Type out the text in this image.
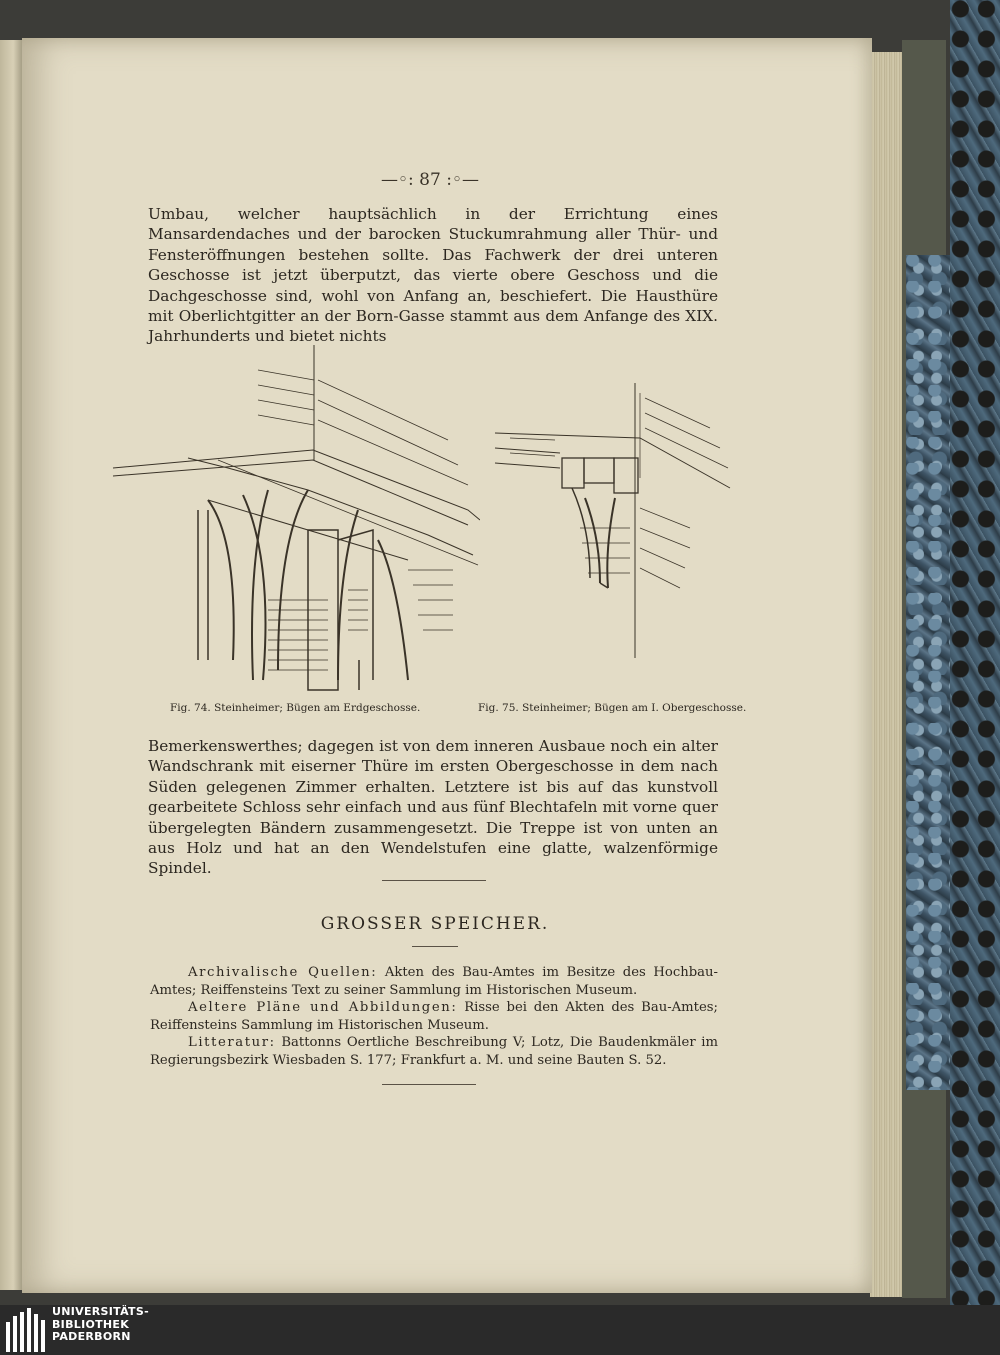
—◦: 87 :◦—

Umbau, welcher hauptsächlich in der Errichtung eines Mansardendaches und der barocken Stuckumrahmung aller Thür- und Fensteröffnungen bestehen sollte. Das Fachwerk der drei unteren Geschosse ist jetzt überputzt, das vierte obere Geschoss und die Dachgeschosse sind, wohl von Anfang an, beschiefert. Die Hausthüre mit Oberlichtgitter an der Born-Gasse stammt aus dem Anfange des XIX. Jahrhunderts und bietet nichts

Fig. 74. Steinheimer; Bügen am Erdgeschosse.	Fig. 75. Steinheimer; Bügen am I. Obergeschosse.

Bemerkenswerthes; dagegen ist von dem inneren Ausbaue noch ein alter Wandschrank mit eiserner Thüre im ersten Obergeschosse in dem nach Süden gelegenen Zimmer erhalten. Letztere ist bis auf das kunstvoll gearbeitete Schloss sehr einfach und aus fünf Blechtafeln mit vorne quer übergelegten Bändern zusammengesetzt. Die Treppe ist von unten an aus Holz und hat an den Wendelstufen eine glatte, walzenförmige Spindel.

GROSSER SPEICHER.

Archivalische Quellen: Akten des Bau-Amtes im Besitze des Hochbau-Amtes; Reiffensteins Text zu seiner Sammlung im Historischen Museum.

Aeltere Pläne und Abbildungen: Risse bei den Akten des Bau-Amtes; Reiffensteins Sammlung im Historischen Museum.

Litteratur: Battonns Oertliche Beschreibung V; Lotz, Die Baudenkmäler im Regierungsbezirk Wiesbaden S. 177; Frankfurt a. M. und seine Bauten S. 52.

UNIVERSITÄTS-
BIBLIOTHEK
PADERBORN
